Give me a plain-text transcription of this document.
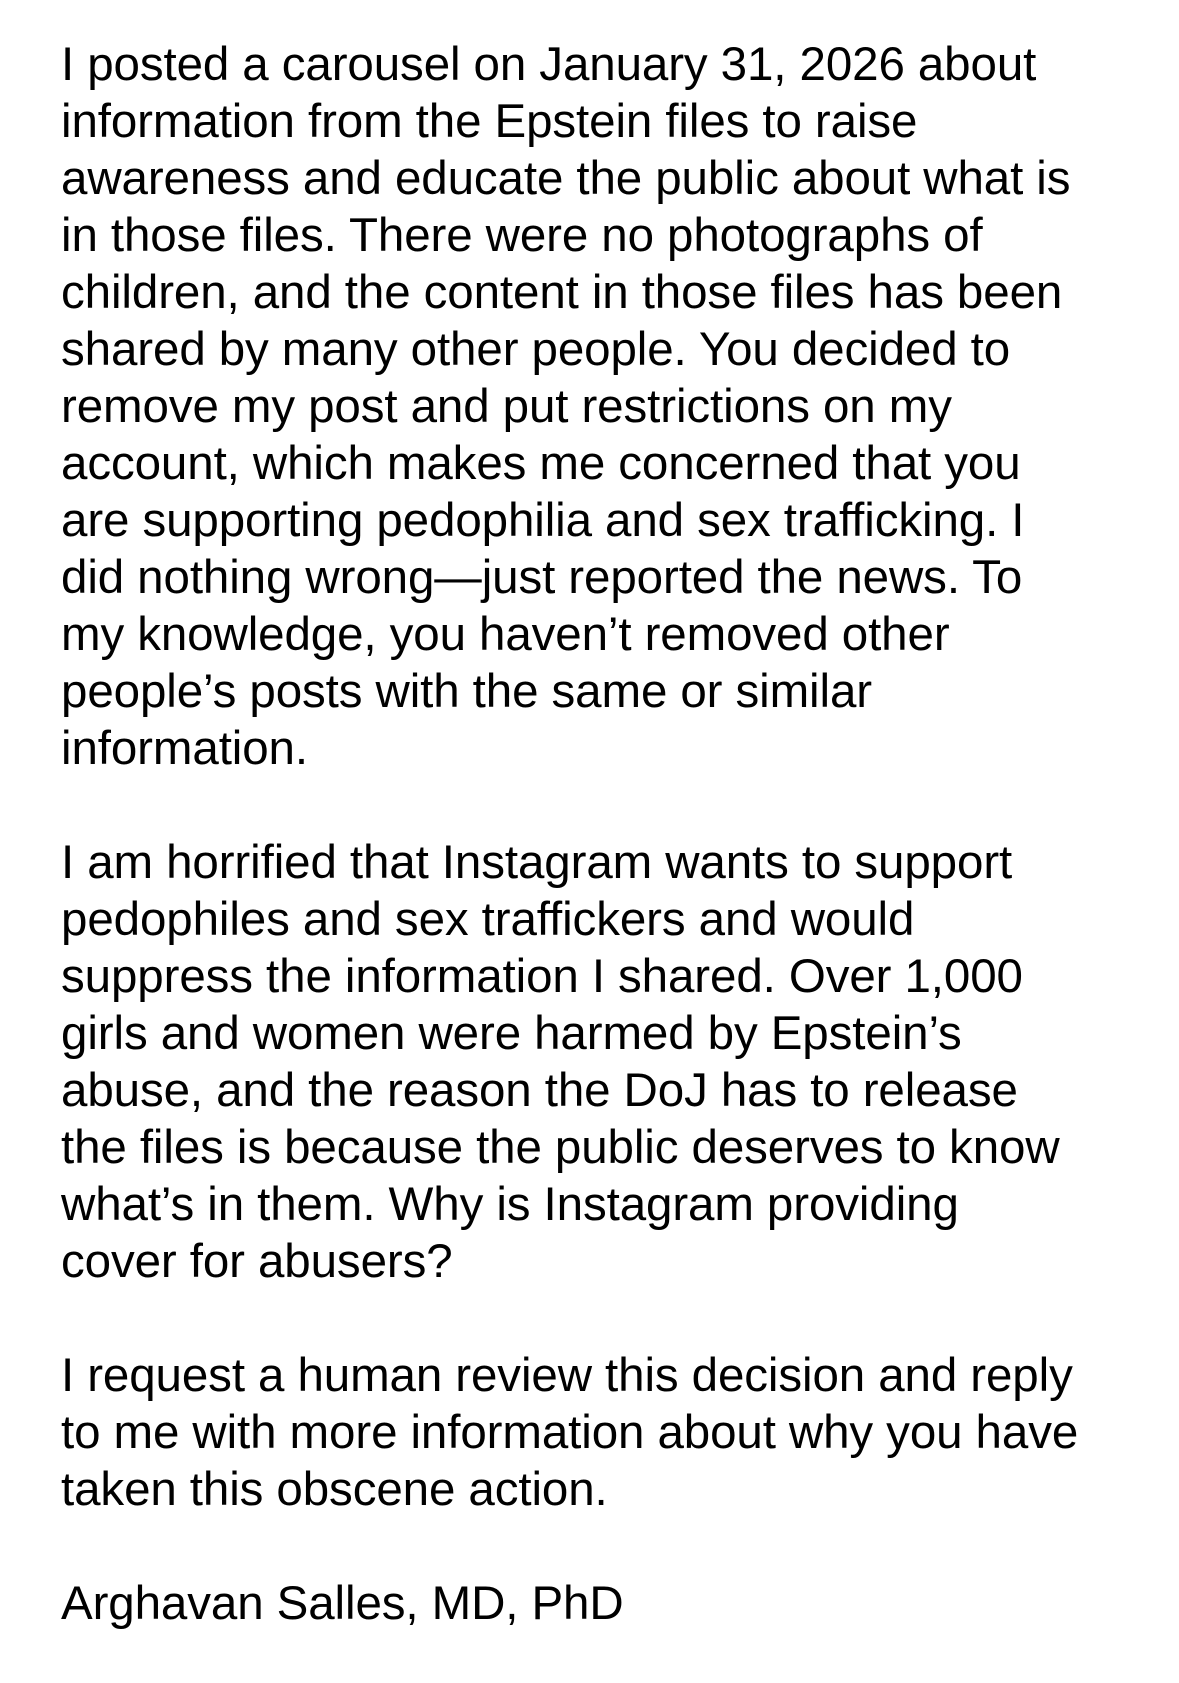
I posted a carousel on January 31, 2026 about
information from the Epstein files to raise
awareness and educate the public about what is
in those files. There were no photographs of
children, and the content in those files has been
shared by many other people. You decided to
remove my post and put restrictions on my
account, which makes me concerned that you
are supporting pedophilia and sex trafficking. I
did nothing wrong—just reported the news. To
my knowledge, you haven’t removed other
people’s posts with the same or similar
information.
I am horrified that Instagram wants to support
pedophiles and sex traffickers and would
suppress the information I shared. Over 1,000
girls and women were harmed by Epstein’s
abuse, and the reason the DoJ has to release
the files is because the public deserves to know
what’s in them. Why is Instagram providing
cover for abusers?
I request a human review this decision and reply
to me with more information about why you have
taken this obscene action.
Arghavan Salles, MD, PhD
